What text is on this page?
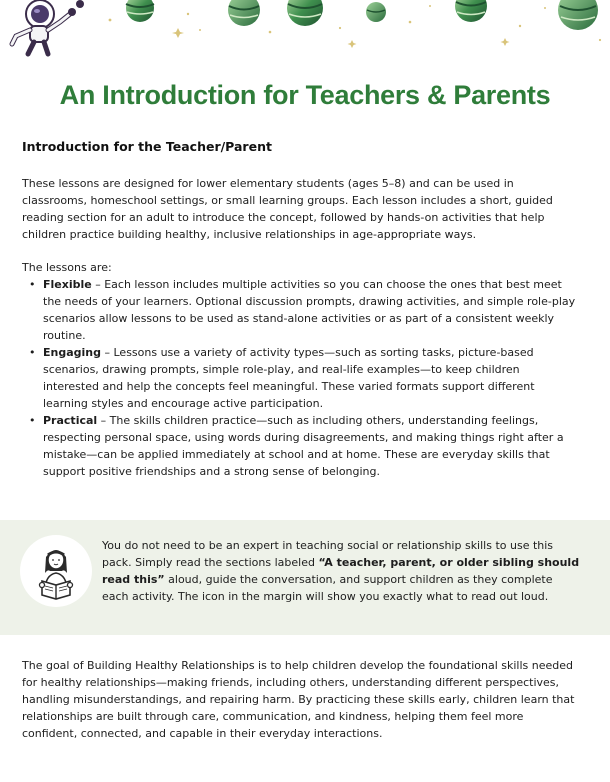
An Introduction for Teachers & Parents
Introduction for the Teacher/Parent

These lessons are designed for lower elementary students (ages 5–8) and can be used in classrooms, homeschool settings, or small learning groups. Each lesson includes a short, guided reading section for an adult to introduce the concept, followed by hands-on activities that help children practice building healthy, inclusive relationships in age-appropriate ways.

The lessons are:

• Flexible – Each lesson includes multiple activities so you can choose the ones that best meet the needs of your learners. Optional discussion prompts, drawing activities, and simple role-play scenarios allow lessons to be used as stand-alone activities or as part of a consistent weekly routine.
• Engaging – Lessons use a variety of activity types—such as sorting tasks, picture-based scenarios, drawing prompts, simple role-play, and real-life examples—to keep children interested and help the concepts feel meaningful. These varied formats support different learning styles and encourage active participation.
• Practical – The skills children practice—such as including others, understanding feelings, respecting personal space, using words during disagreements, and making things right after a mistake—can be applied immediately at school and at home. These are everyday skills that support positive friendships and a strong sense of belonging.

You do not need to be an expert in teaching social or relationship skills to use this pack. Simply read the sections labeled “A teacher, parent, or older sibling should read this” aloud, guide the conversation, and support children as they complete each activity. The icon in the margin will show you exactly what to read out loud.

The goal of Building Healthy Relationships is to help children develop the foundational skills needed for healthy relationships—making friends, including others, understanding different perspectives, handling misunderstandings, and repairing harm. By practicing these skills early, children learn that relationships are built through care, communication, and kindness, helping them feel more confident, connected, and capable in their everyday interactions.
